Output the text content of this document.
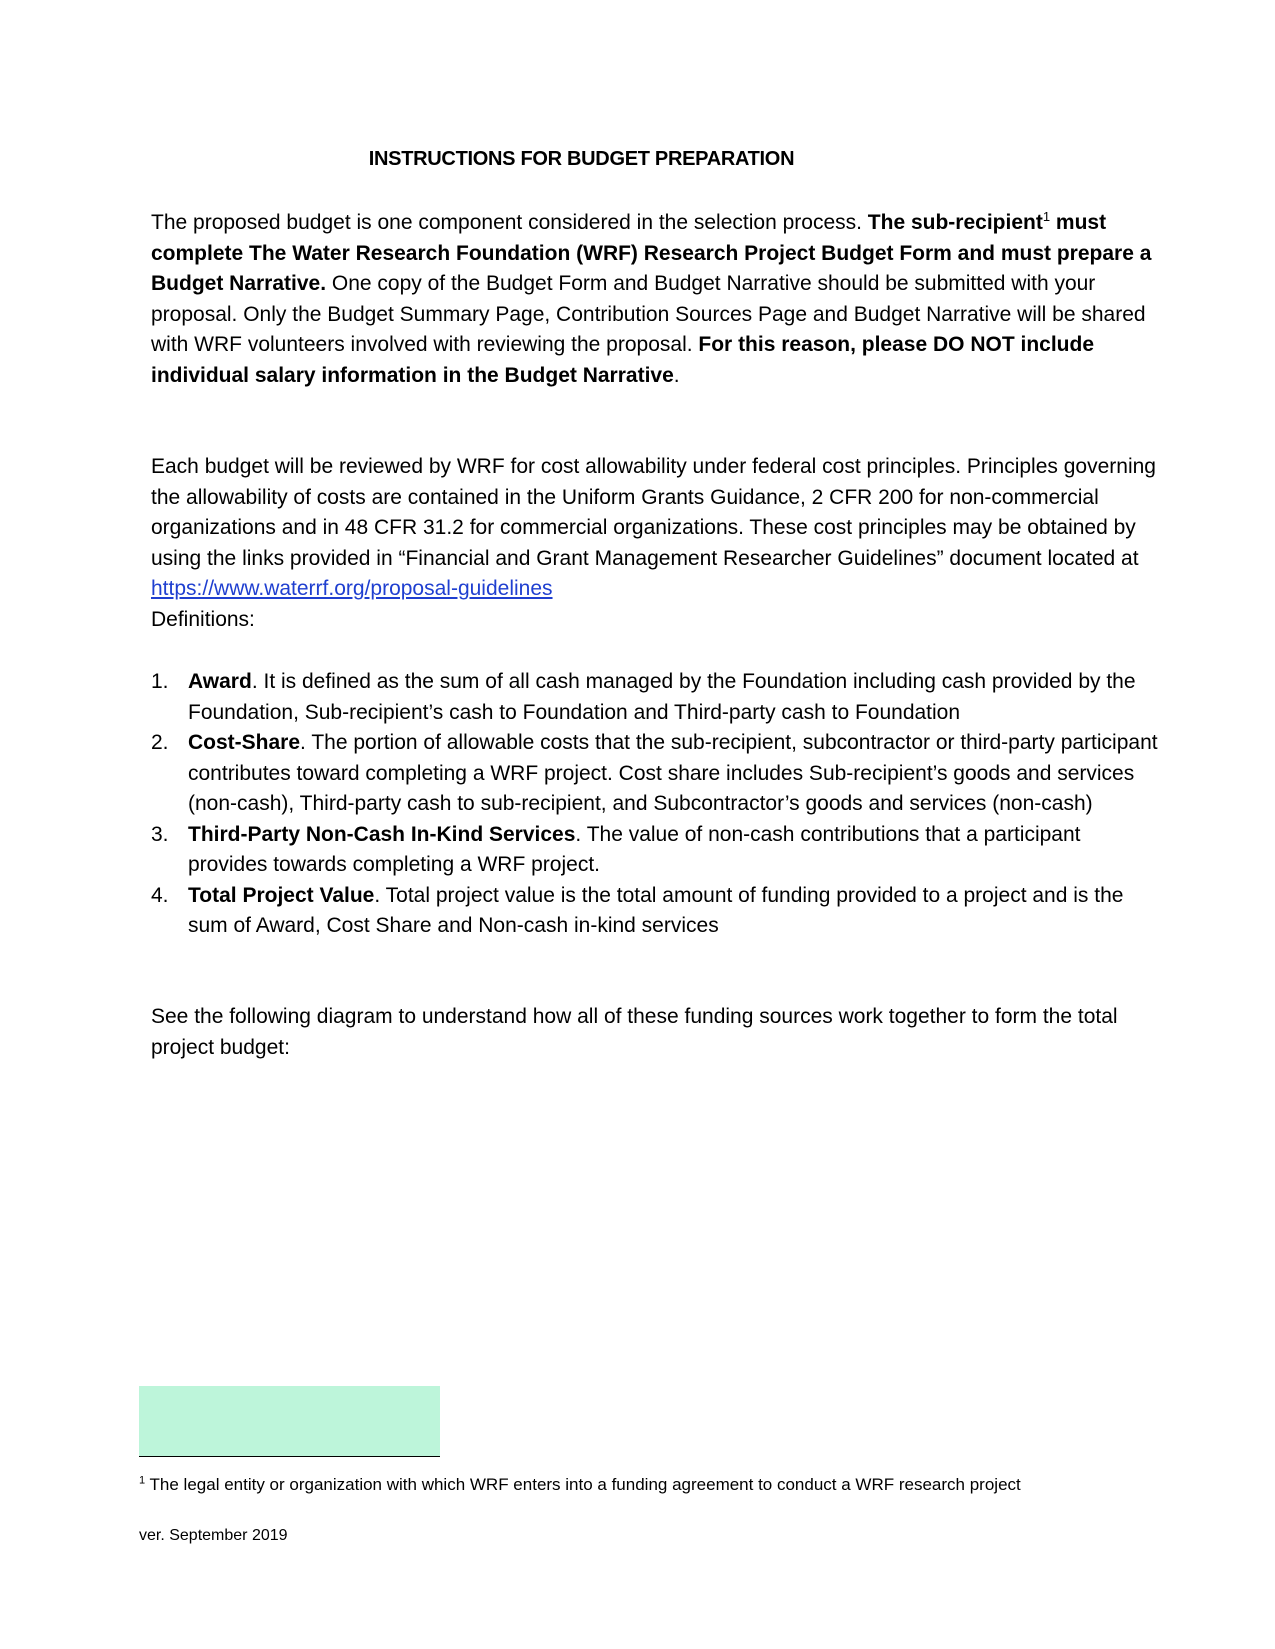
INSTRUCTIONS FOR BUDGET PREPARATION
The proposed budget is one component considered in the selection process. The sub-recipient$^1$ must complete The Water Research Foundation (WRF) Research Project Budget Form and must prepare a Budget Narrative. One copy of the Budget Form and Budget Narrative should be submitted with your proposal. Only the Budget Summary Page, Contribution Sources Page and Budget Narrative will be shared with WRF volunteers involved with reviewing the proposal. For this reason, please DO NOT include individual salary information in the Budget Narrative.
Each budget will be reviewed by WRF for cost allowability under federal cost principles. Principles governing the allowability of costs are contained in the Uniform Grants Guidance, 2 CFR 200 for non-commercial organizations and in 48 CFR 31.2 for commercial organizations. These cost principles may be obtained by using the links provided in “Financial and Grant Management Researcher Guidelines” document located at https://www.waterrf.org/proposal-guidelines
Definitions:
1. Award. It is defined as the sum of all cash managed by the Foundation including cash provided by the Foundation, Sub-recipient’s cash to Foundation and Third-party cash to Foundation
2. Cost-Share. The portion of allowable costs that the sub-recipient, subcontractor or third-party participant contributes toward completing a WRF project. Cost share includes Sub-recipient’s goods and services (non-cash), Third-party cash to sub-recipient, and Subcontractor’s goods and services (non-cash)
3. Third-Party Non-Cash In-Kind Services. The value of non-cash contributions that a participant provides towards completing a WRF project.
4. Total Project Value. Total project value is the total amount of funding provided to a project and is the sum of Award, Cost Share and Non-cash in-kind services
See the following diagram to understand how all of these funding sources work together to form the total project budget:
$^1$ The legal entity or organization with which WRF enters into a funding agreement to conduct a WRF research project
ver. September 2019
